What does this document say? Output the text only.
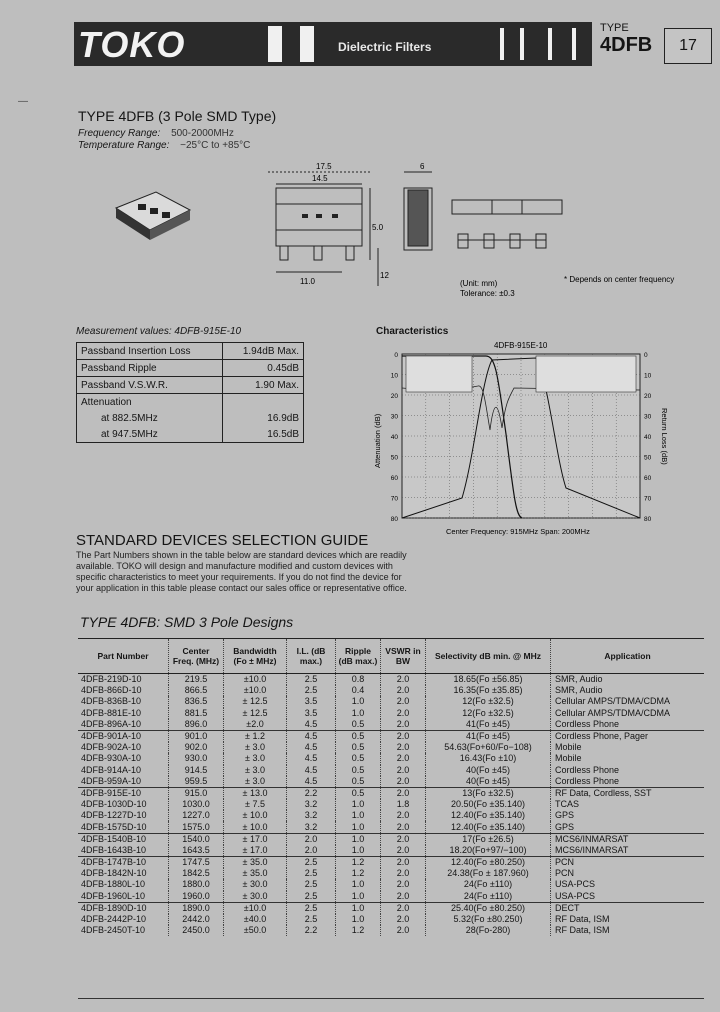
TOKO	Dielectric Filters
TYPE
4DFB	17
—
TYPE 4DFB (3 Pole SMD Type)
Frequency Range: 500-2000MHz
Temperature Range: −25°C to +85°C
17.5
14.5
6
11.0
12
5.0
(Unit: mm)
Tolerance: ±0.3
* Depends on center frequency
Measurement values: 4DFB-915E-10
Passband Insertion Loss	1.94dB Max.
Passband Ripple	0.45dB
Passband V.S.W.R.	1.90 Max.
Attenuation	
at 882.5MHz	16.9dB
at 947.5MHz	16.5dB
Characteristics
0
10
20
30
40
50
60
70
80
0
10
20
30
40
50
60
70
80
4DFB-915E-10
Attenuation (dB)	Return Loss (dB)
Center Frequency: 915MHz Span: 200MHz
STANDARD DEVICES SELECTION GUIDE
The Part Numbers shown in the table below are standard devices which are readily available. TOKO will design and manufacture modified and custom devices with specific characteristics to meet your requirements. If you do not find the device for your application in this table please contact our sales office or representative office.
TYPE 4DFB: SMD 3 Pole Designs
Part Number	Center Freq. (MHz)	Bandwidth (Fo ± MHz)	I.L. (dB max.)	Ripple (dB max.)	VSWR in BW	Selectivity dB min. @ MHz	Application
4DFB-219D-10	219.5	±10.0	2.5	0.8	2.0	18.65(Fo ±56.85)	SMR, Audio
4DFB-866D-10	866.5	±10.0	2.5	0.4	2.0	16.35(Fo ±35.85)	SMR, Audio
4DFB-836B-10	836.5	± 12.5	3.5	1.0	2.0	12(Fo ±32.5)	Cellular AMPS/TDMA/CDMA
4DFB-881E-10	881.5	± 12.5	3.5	1.0	2.0	12(Fo ±32.5)	Cellular AMPS/TDMA/CDMA
4DFB-896A-10	896.0	±2.0	4.5	0.5	2.0	41(Fo ±45)	Cordless Phone
4DFB-901A-10	901.0	± 1.2	4.5	0.5	2.0	41(Fo ±45)	Cordless Phone, Pager
4DFB-902A-10	902.0	± 3.0	4.5	0.5	2.0	54.63(Fo+60/Fo−108)	Mobile
4DFB-930A-10	930.0	± 3.0	4.5	0.5	2.0	16.43(Fo ±10)	Mobile
4DFB-914A-10	914.5	± 3.0	4.5	0.5	2.0	40(Fo ±45)	Cordless Phone
4DFB-959A-10	959.5	± 3.0	4.5	0.5	2.0	40(Fo ±45)	Cordless Phone
4DFB-915E-10	915.0	± 13.0	2.2	0.5	2.0	13(Fo ±32.5)	RF Data, Cordless, SST
4DFB-1030D-10	1030.0	± 7.5	3.2	1.0	1.8	20.50(Fo ±35.140)	TCAS
4DFB-1227D-10	1227.0	± 10.0	3.2	1.0	2.0	12.40(Fo ±35.140)	GPS
4DFB-1575D-10	1575.0	± 10.0	3.2	1.0	2.0	12.40(Fo ±35.140)	GPS
4DFB-1540B-10	1540.0	± 17.0	2.0	1.0	2.0	17(Fo ±26.5)	MCS6/INMARSAT
4DFB-1643B-10	1643.5	± 17.0	2.0	1.0	2.0	18.20(Fo+97/−100)	MCS6/INMARSAT
4DFB-1747B-10	1747.5	± 35.0	2.5	1.2	2.0	12.40(Fo ±80.250)	PCN
4DFB-1842N-10	1842.5	± 35.0	2.5	1.2	2.0	24.38(Fo ± 187.960)	PCN
4DFB-1880L-10	1880.0	± 30.0	2.5	1.0	2.0	24(Fo ±110)	USA-PCS
4DFB-1960L-10	1960.0	± 30.0	2.5	1.0	2.0	24(Fo ±110)	USA-PCS
4DFB-1890D-10	1890.0	±10.0	2.5	1.0	2.0	25.40(Fo ±80.250)	DECT
4DFB-2442P-10	2442.0	±40.0	2.5	1.0	2.0	5.32(Fo ±80.250)	RF Data, ISM
4DFB-2450T-10	2450.0	±50.0	2.2	1.2	2.0	28(Fo-280)	RF Data, ISM
